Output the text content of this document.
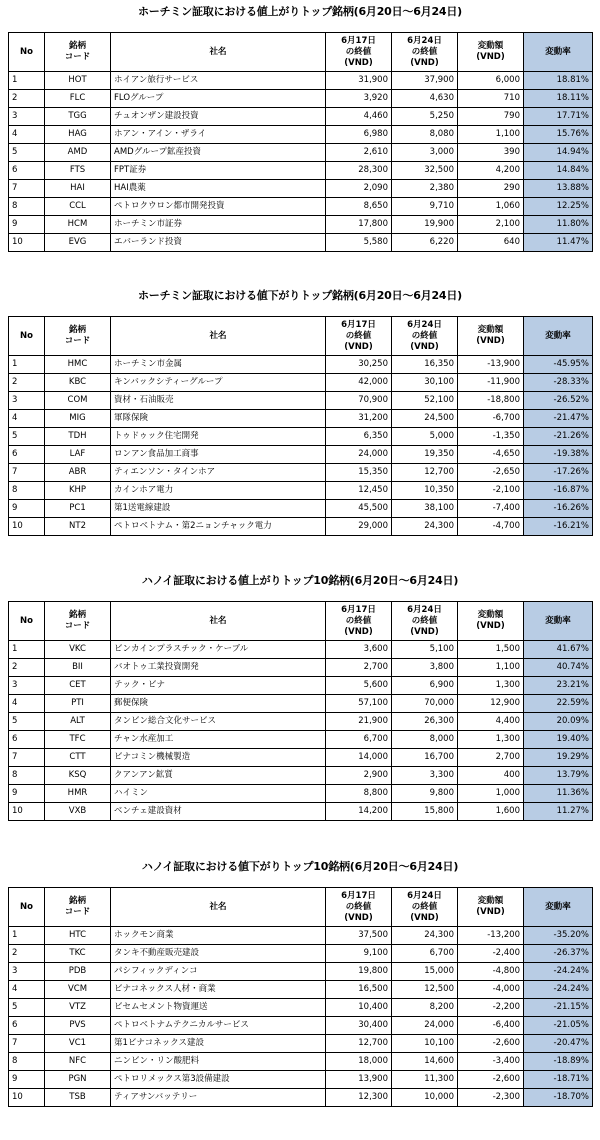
ホーチミン証取における値上がりトップ銘柄(6月20日～6月24日)
No	銘柄
コード	社名	6月17日
の終値
(VND)	6月24日
の終値
(VND)	変動額
(VND)	変動率
1	HOT	ホイアン旅行サービス	31,900	37,900	6,000	18.81%
2	FLC	FLOグループ	3,920	4,630	710	18.11%
3	TGG	チュオンザン建設投資	4,460	5,250	790	17.71%
4	HAG	ホアン・アイン・ザライ	6,980	8,080	1,100	15.76%
5	AMD	AMDグループ鉱産投資	2,610	3,000	390	14.94%
6	FTS	FPT証券	28,300	32,500	4,200	14.84%
7	HAI	HAI農薬	2,090	2,380	290	13.88%
8	CCL	ペトロクウロン都市開発投資	8,650	9,710	1,060	12.25%
9	HCM	ホーチミン市証券	17,800	19,900	2,100	11.80%
10	EVG	エバーランド投資	5,580	6,220	640	11.47%
ホーチミン証取における値下がりトップ銘柄(6月20日～6月24日)
No	銘柄
コード	社名	6月17日
の終値
(VND)	6月24日
の終値
(VND)	変動額
(VND)	変動率
1	HMC	ホーチミン市金属	30,250	16,350	-13,900	-45.95%
2	KBC	キンバックシティーグループ	42,000	30,100	-11,900	-28.33%
3	COM	資材・石油販売	70,900	52,100	-18,800	-26.52%
4	MIG	軍隊保険	31,200	24,500	-6,700	-21.47%
5	TDH	トゥドゥック住宅開発	6,350	5,000	-1,350	-21.26%
6	LAF	ロンアン食品加工商事	24,000	19,350	-4,650	-19.38%
7	ABR	ティエンソン・タインホア	15,350	12,700	-2,650	-17.26%
8	KHP	カインホア電力	12,450	10,350	-2,100	-16.87%
9	PC1	第1送電線建設	45,500	38,100	-7,400	-16.26%
10	NT2	ペトロベトナム・第2ニョンチャック電力	29,000	24,300	-4,700	-16.21%
ハノイ証取における値上がりトップ10銘柄(6月20日～6月24日)
No	銘柄
コード	社名	6月17日
の終値
(VND)	6月24日
の終値
(VND)	変動額
(VND)	変動率
1	VKC	ビンカインプラスチック・ケーブル	3,600	5,100	1,500	41.67%
2	BII	バオトゥ工業投資開発	2,700	3,800	1,100	40.74%
3	CET	テック・ビナ	5,600	6,900	1,300	23.21%
4	PTI	郵便保険	57,100	70,000	12,900	22.59%
5	ALT	タンビン総合文化サービス	21,900	26,300	4,400	20.09%
6	TFC	チャン水産加工	6,700	8,000	1,300	19.40%
7	CTT	ビナコミン機械製造	14,000	16,700	2,700	19.29%
8	KSQ	クアンアン鉱質	2,900	3,300	400	13.79%
9	HMR	ハイミン	8,800	9,800	1,000	11.36%
10	VXB	ベンチェ建設資材	14,200	15,800	1,600	11.27%
ハノイ証取における値下がりトップ10銘柄(6月20日～6月24日)
No	銘柄
コード	社名	6月17日
の終値
(VND)	6月24日
の終値
(VND)	変動額
(VND)	変動率
1	HTC	ホックモン商業	37,500	24,300	-13,200	-35.20%
2	TKC	タンキ不動産販売建設	9,100	6,700	-2,400	-26.37%
3	PDB	パシフィックディンコ	19,800	15,000	-4,800	-24.24%
4	VCM	ビナコネックス人材・商業	16,500	12,500	-4,000	-24.24%
5	VTZ	ビセムセメント物資運送	10,400	8,200	-2,200	-21.15%
6	PVS	ペトロベトナムテクニカルサービス	30,400	24,000	-6,400	-21.05%
7	VC1	第1ビナコネックス建設	12,700	10,100	-2,600	-20.47%
8	NFC	ニンビン・リン酸肥料	18,000	14,600	-3,400	-18.89%
9	PGN	ペトロリメックス第3設備建設	13,900	11,300	-2,600	-18.71%
10	TSB	ティアサンバッテリー	12,300	10,000	-2,300	-18.70%
